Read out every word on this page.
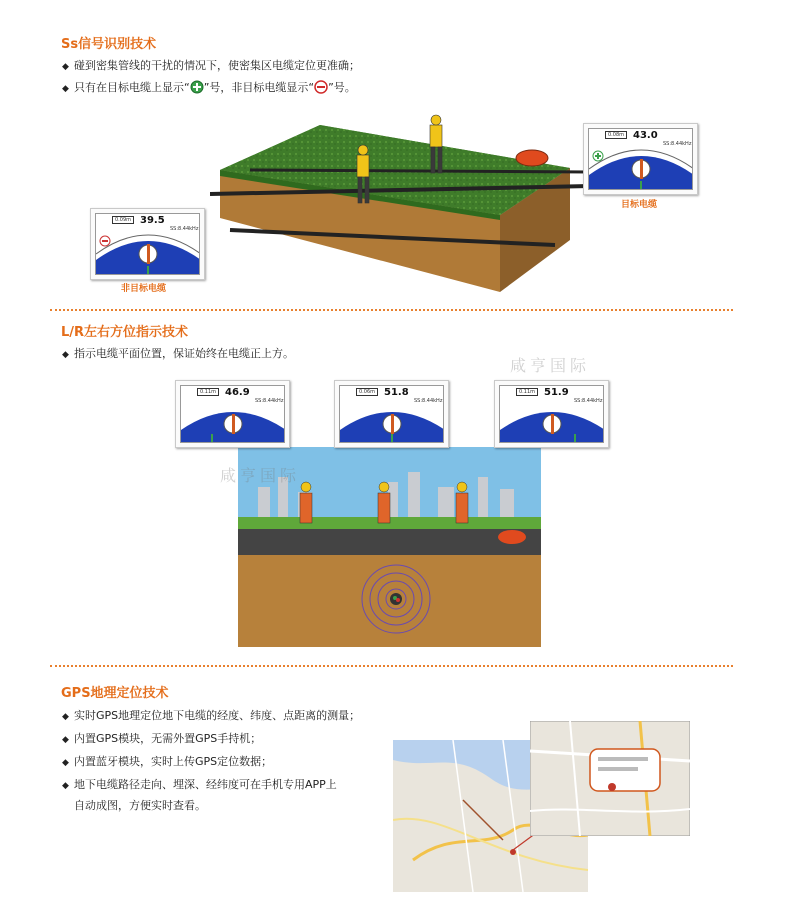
Ss信号识别技术
◆ 碰到密集管线的干扰的情况下，使密集区电缆定位更准确；
◆ 只有在目标电缆上显示“ ”号，非目标电缆显示“ ”号。
0.09m 39.5
SS:8.44kHz
非目标电缆
0.08m 43.0
SS:8.44kHz
目标电缆
L/R左右方位指示技术
◆ 指示电缆平面位置，保证始终在电缆正上方。
0.11m 46.9
SS:8.44kHz
0.06m 51.8
SS:8.44kHz
0.11m 51.9
SS:8.44kHz
咸亨国际
咸亨国际
GPS地理定位技术
◆ 实时GPS地理定位地下电缆的经度、纬度、点距离的测量；
◆ 内置GPS模块，无需外置GPS手持机；
◆ 内置蓝牙模块，实时上传GPS定位数据；
◆ 地下电缆路径走向、埋深、经纬度可在手机专用APP上
自动成图，方便实时查看。
